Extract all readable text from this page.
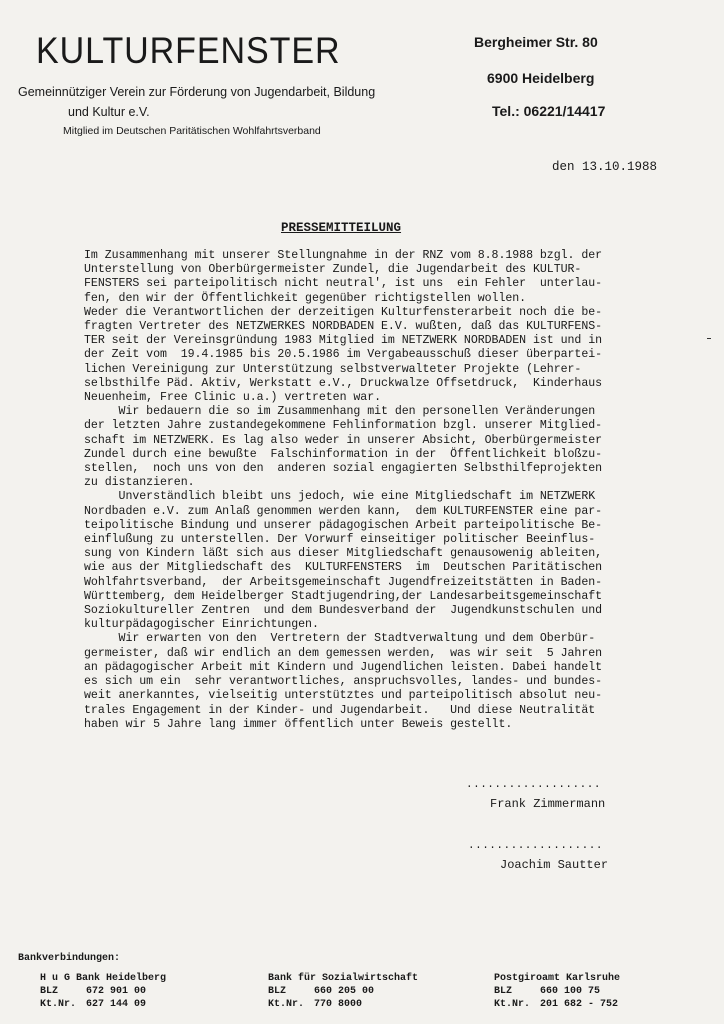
KULTURFENSTER
Gemeinnütziger Verein zur Förderung von Jugendarbeit, Bildung
und Kultur e.V.
Mitglied im Deutschen Paritätischen Wohlfahrtsverband
Bergheimer Str. 80
6900 Heidelberg
Tel.: 06221/14417
den 13.10.1988
PRESSEMITTEILUNG
Im Zusammenhang mit unserer Stellungnahme in der RNZ vom 8.8.1988 bzgl. der
Unterstellung von Oberbürgermeister Zundel, die Jugendarbeit des KULTUR-
FENSTERS sei parteipolitisch nicht neutral', ist uns  ein Fehler  unterlau-
fen, den wir der Öffentlichkeit gegenüber richtigstellen wollen.
Weder die Verantwortlichen der derzeitigen Kulturfensterarbeit noch die be-
fragten Vertreter des NETZWERKES NORDBADEN E.V. wußten, daß das KULTURFENS-
TER seit der Vereinsgründung 1983 Mitglied im NETZWERK NORDBADEN ist und in
der Zeit vom  19.4.1985 bis 20.5.1986 im Vergabeausschuß dieser überpartei-
lichen Vereinigung zur Unterstützung selbstverwalteter Projekte (Lehrer-
selbsthilfe Päd. Aktiv, Werkstatt e.V., Druckwalze Offsetdruck,  Kinderhaus
Neuenheim, Free Clinic u.a.) vertreten war.
Wir bedauern die so im Zusammenhang mit den personellen Veränderungen
der letzten Jahre zustandegekommene Fehlinformation bzgl. unserer Mitglied-
schaft im NETZWERK. Es lag also weder in unserer Absicht, Oberbürgermeister
Zundel durch eine bewußte  Falschinformation in der  Öffentlichkeit bloßzu-
stellen,  noch uns von den  anderen sozial engagierten Selbsthilfeprojekten
zu distanzieren.
Unverständlich bleibt uns jedoch, wie eine Mitgliedschaft im NETZWERK
Nordbaden e.V. zum Anlaß genommen werden kann,  dem KULTURFENSTER eine par-
teipolitische Bindung und unserer pädagogischen Arbeit parteipolitische Be-
einflußung zu unterstellen. Der Vorwurf einseitiger politischer Beeinflus-
sung von Kindern läßt sich aus dieser Mitgliedschaft genausowenig ableiten,
wie aus der Mitgliedschaft des  KULTURFENSTERS  im  Deutschen Paritätischen
Wohlfahrtsverband,  der Arbeitsgemeinschaft Jugendfreizeitstätten in Baden-
Württemberg, dem Heidelberger Stadtjugendring,der Landesarbeitsgemeinschaft
Soziokultureller Zentren  und dem Bundesverband der  Jugendkunstschulen und
kulturpädagogischer Einrichtungen.
Wir erwarten von den  Vertretern der Stadtverwaltung und dem Oberbür-
germeister, daß wir endlich an dem gemessen werden,  was wir seit  5 Jahren
an pädagogischer Arbeit mit Kindern und Jugendlichen leisten. Dabei handelt
es sich um ein  sehr verantwortliches, anspruchsvolles, landes- und bundes-
weit anerkanntes, vielseitig unterstütztes und parteipolitisch absolut neu-
trales Engagement in der Kinder- und Jugendarbeit.   Und diese Neutralität
haben wir 5 Jahre lang immer öffentlich unter Beweis gestellt.
...................
Frank Zimmermann
...................
Joachim Sautter
Bankverbindungen:
H u G Bank Heidelberg
BLZ	672 901 00
Kt.Nr. 627 144 09
Bank für Sozialwirtschaft
BLZ	660 205 00
Kt.Nr. 770 8000
Postgiroamt Karlsruhe
BLZ	660 100 75
Kt.Nr. 201 682 - 752
